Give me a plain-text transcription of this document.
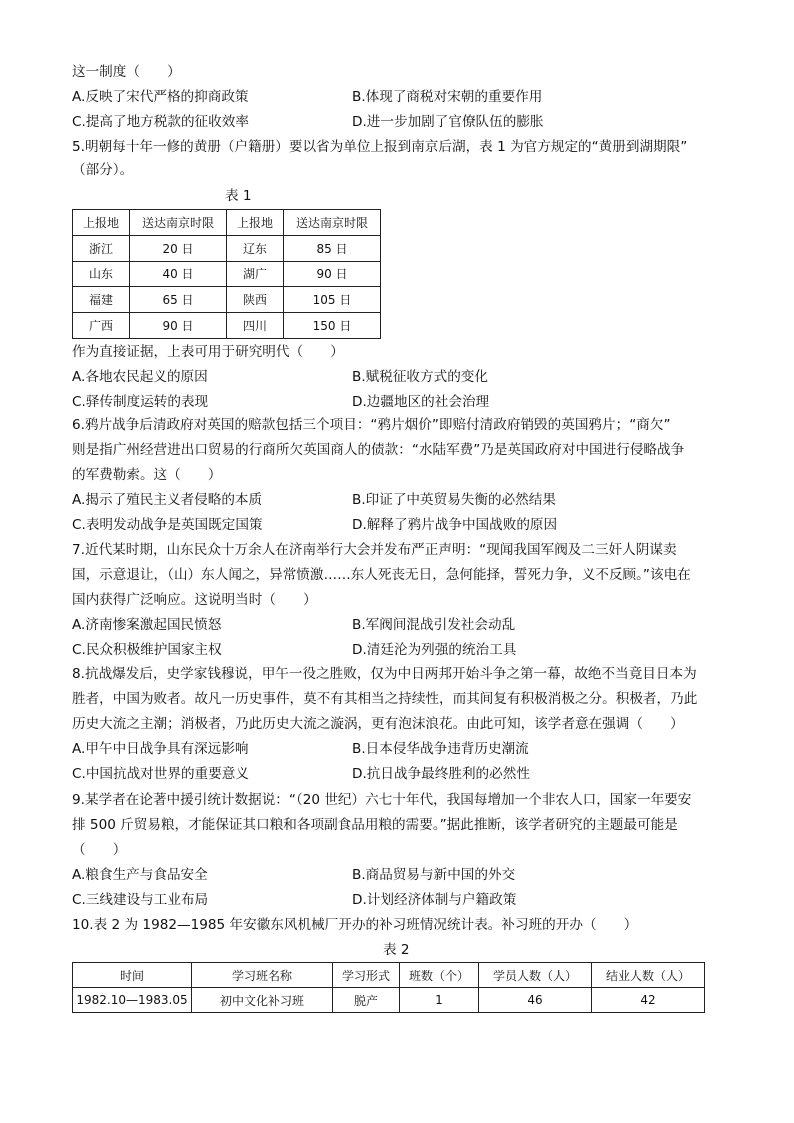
这一制度（　　）
A.反映了宋代严格的抑商政策	B.体现了商税对宋朝的重要作用
C.提高了地方税款的征收效率	D.进一步加剧了官僚队伍的膨胀
5.明朝每十年一修的黄册（户籍册）要以省为单位上报到南京后湖，表 1 为官方规定的“黄册到湖期限”
（部分）。
表 1
上报地	送达南京时限	上报地	送达南京时限
浙江	20 日	辽东	85 日
山东	40 日	湖广	90 日
福建	65 日	陕西	105 日
广西	90 日	四川	150 日
作为直接证据，上表可用于研究明代（　　）
A.各地农民起义的原因	B.赋税征收方式的变化
C.驿传制度运转的表现	D.边疆地区的社会治理
6.鸦片战争后清政府对英国的赔款包括三个项目：“鸦片烟价”即赔付清政府销毁的英国鸦片；“商欠”
则是指广州经营进出口贸易的行商所欠英国商人的债款：“水陆军费”乃是英国政府对中国进行侵略战争
的军费勒索。这（　　）
A.揭示了殖民主义者侵略的本质	B.印证了中英贸易失衡的必然结果
C.表明发动战争是英国既定国策	D.解释了鸦片战争中国战败的原因
7.近代某时期，山东民众十万余人在济南举行大会并发布严正声明：“现闻我国军阀及二三奸人阴谋卖
国，示意退让，（山）东人闻之，异常愤激……东人死丧无日，急何能择，誓死力争，义不反顾。”该电在
国内获得广泛响应。这说明当时（　　）
A.济南惨案激起国民愤怒	B.军阀间混战引发社会动乱
C.民众积极维护国家主权	D.清廷沦为列强的统治工具
8.抗战爆发后，史学家钱穆说，甲午一役之胜败，仅为中日两邦开始斗争之第一幕，故绝不当竟目日本为
胜者，中国为败者。故凡一历史事件，莫不有其相当之持续性，而其间复有积极消极之分。积极者，乃此
历史大流之主潮；消极者，乃此历史大流之漩涡，更有泡沫浪花。由此可知，该学者意在强调（　　）
A.甲午中日战争具有深远影响	B.日本侵华战争违背历史潮流
C.中国抗战对世界的重要意义	D.抗日战争最终胜利的必然性
9.某学者在论著中援引统计数据说：“（20 世纪）六七十年代，我国每增加一个非农人口，国家一年要安
排 500 斤贸易粮，才能保证其口粮和各项副食品用粮的需要。”据此推断，该学者研究的主题最可能是
（　　）
A.粮食生产与食品安全	B.商品贸易与新中国的外交
C.三线建设与工业布局	D.计划经济体制与户籍政策
10.表 2 为 1982—1985 年安徽东风机械厂开办的补习班情况统计表。补习班的开办（　　）
表 2
时间	学习班名称	学习形式	班数（个）	学员人数（人）	结业人数（人）
1982.10—1983.05	初中文化补习班	脱产	1	46	42
